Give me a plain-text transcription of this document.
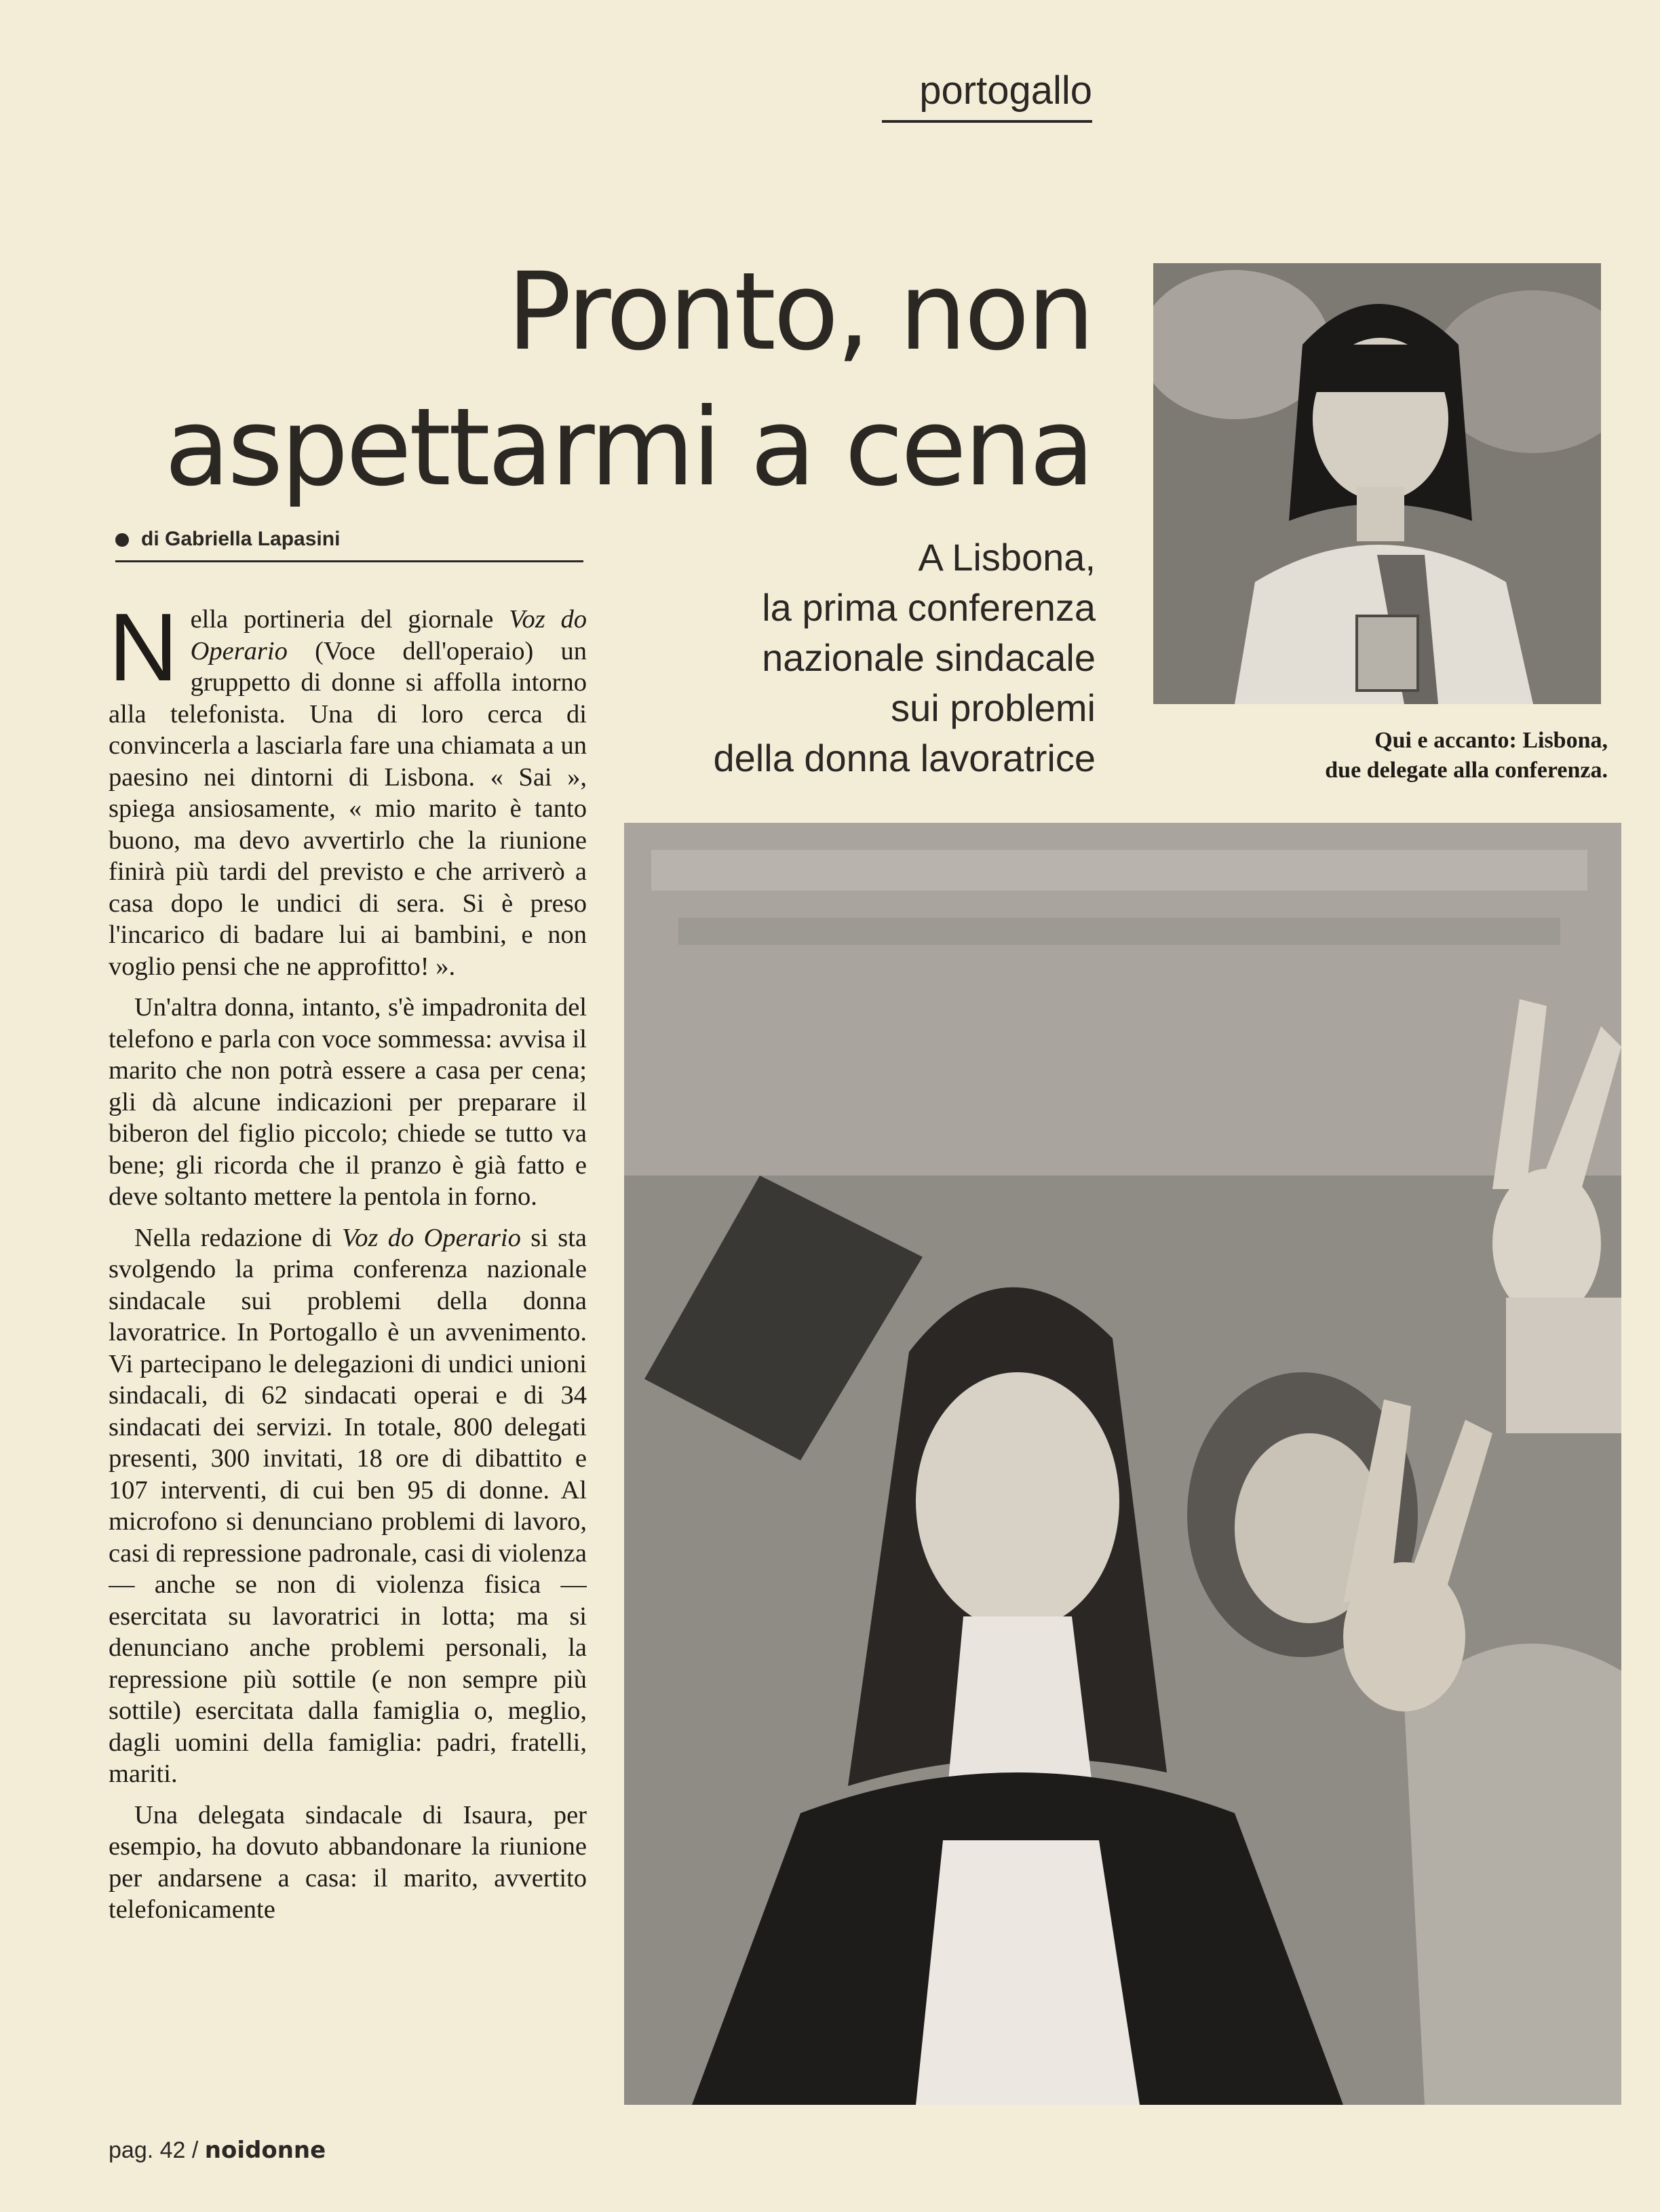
portogallo
Pronto, non
aspettarmi a cena
di Gabriella Lapasini	A Lisbona,
la prima conferenza
nazionale sindacale
sui problemi
della donna lavoratrice	Qui e accanto: Lisbona,
due delegate alla conferenza.

Nella portineria del giornale Voz do Operario (Voce dell'operaio) un gruppetto di donne si affolla intorno alla telefonista. Una di loro cerca di convincerla a lasciarla fare una chiamata a un paesino nei dintorni di Lisbona. « Sai », spiega ansiosamente, « mio marito è tanto buono, ma devo avvertirlo che la riunione finirà più tardi del previsto e che arriverò a casa dopo le undici di sera. Si è preso l'incarico di badare lui ai bambini, e non voglio pensi che ne approfitto! ».

Un'altra donna, intanto, s'è impadronita del telefono e parla con voce sommessa: avvisa il marito che non potrà essere a casa per cena; gli dà alcune indicazioni per preparare il biberon del figlio piccolo; chiede se tutto va bene; gli ricorda che il pranzo è già fatto e deve soltanto mettere la pentola in forno.

Nella redazione di Voz do Operario si sta svolgendo la prima conferenza nazionale sindacale sui problemi della donna lavoratrice. In Portogallo è un avvenimento. Vi partecipano le delegazioni di undici unioni sindacali, di 62 sindacati operai e di 34 sindacati dei servizi. In totale, 800 delegati presenti, 300 invitati, 18 ore di dibattito e 107 interventi, di cui ben 95 di donne. Al microfono si denunciano problemi di lavoro, casi di repressione padronale, casi di violenza — anche se non di violenza fisica — esercitata su lavoratrici in lotta; ma si denunciano anche problemi personali, la repressione più sottile (e non sempre più sottile) esercitata dalla famiglia o, meglio, dagli uomini della famiglia: padri, fratelli, mariti.

Una delegata sindacale di Isaura, per esempio, ha dovuto abbandonare la riunione per andarsene a casa: il marito, avvertito telefonicamente

pag. 42 / noidonne
